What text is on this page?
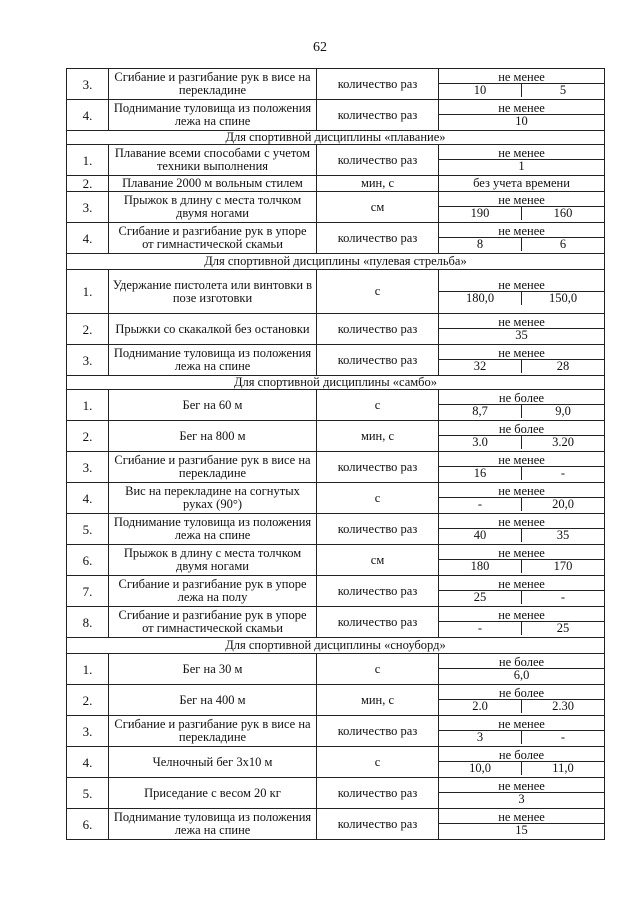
62
3.	Сгибание и разгибание рук в висе на перекладине	количество раз	не менее
10 5

4.	Поднимание туловища из положения лежа на спине	количество раз	не менее
10

Для спортивной дисциплины «плавание»			
1.	Плавание всеми способами с учетом техники выполнения	количество раз	не менее
1

2.	Плавание 2000 м вольным стилем	мин, с	без учета времени
3.	Прыжок в длину с места толчком двумя ногами	см	не менее
190 160

4.	Сгибание и разгибание рук в упоре от гимнастической скамьи	количество раз	не менее
8 6

Для спортивной дисциплины «пулевая стрельба»			
1.	Удержание пистолета или винтовки в позе изготовки	с	не менее
180,0 150,0

2.	Прыжки со скакалкой без остановки	количество раз	не менее
35

3.	Поднимание туловища из положения лежа на спине	количество раз	не менее
32 28

Для спортивной дисциплины «самбо»			
1.	Бег на 60 м	с	не более
8,7 9,0

2.	Бег на 800 м	мин, с	не более
3.0 3.20

3.	Сгибание и разгибание рук в висе на перекладине	количество раз	не менее
16 -

4.	Вис на перекладине на согнутых руках (90°)	с	не менее
- 20,0

5.	Поднимание туловища из положения лежа на спине	количество раз	не менее
40 35

6.	Прыжок в длину с места толчком двумя ногами	см	не менее
180 170

7.	Сгибание и разгибание рук в упоре лежа на полу	количество раз	не менее
25 -

8.	Сгибание и разгибание рук в упоре от гимнастической скамьи	количество раз	не менее
- 25

Для спортивной дисциплины «сноуборд»			
1.	Бег на 30 м	с	не более
6,0

2.	Бег на 400 м	мин, с	не более
2.0 2.30

3.	Сгибание и разгибание рук в висе на перекладине	количество раз	не менее
3 -

4.	Челночный бег 3x10 м	с	не более
10,0 11,0

5.	Приседание с весом 20 кг	количество раз	не менее
3

6.	Поднимание туловища из положения лежа на спине	количество раз	не менее
15
